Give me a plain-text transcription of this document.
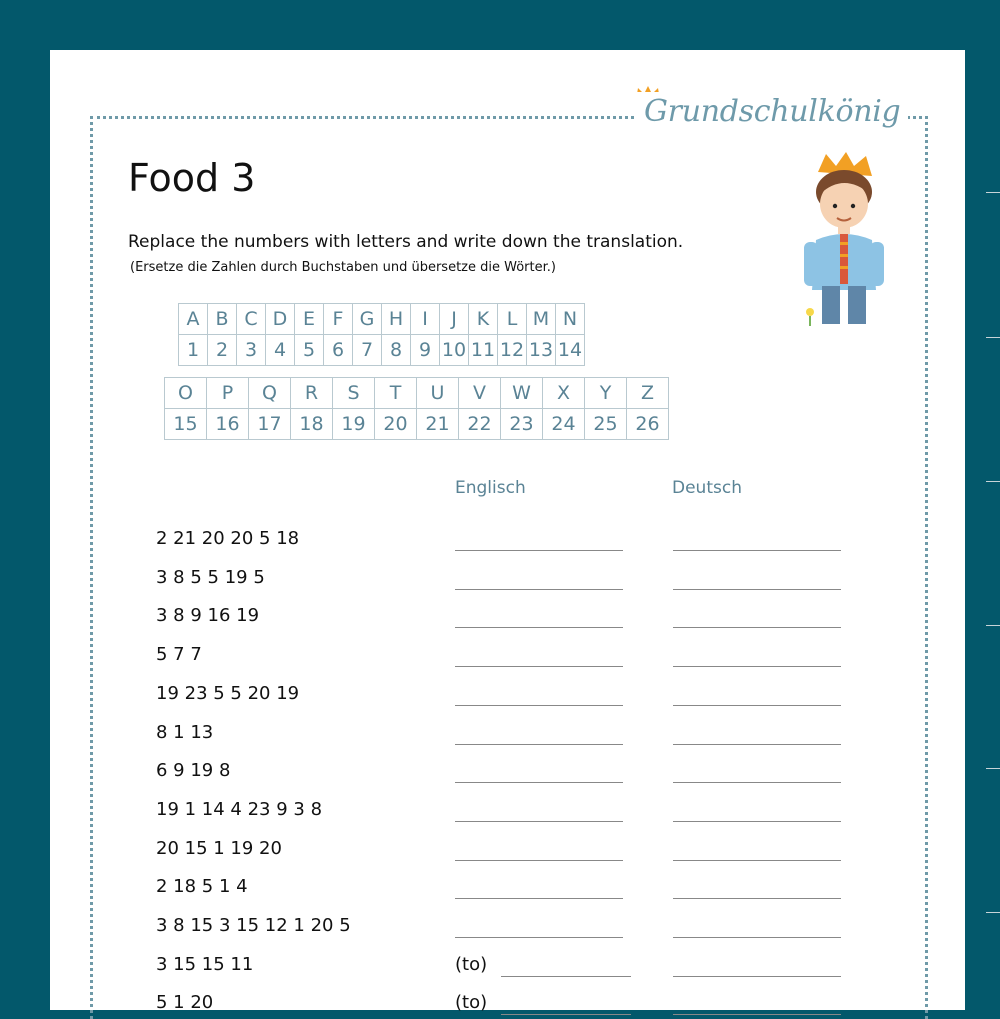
Grundschulkönig
Food 3
Replace the numbers with letters and write down the translation.
(Ersetze die Zahlen durch Buchstaben und übersetze die Wörter.)
A	B	C	D	E	F	G	H	I	J	K	L	M	N
1	2	3	4	5	6	7	8	9	10	11	12	13	14
O	P	Q	R	S	T	U	V	W	X	Y	Z
15	16	17	18	19	20	21	22	23	24	25	26
Englisch	Deutsch
2 21 20 20 5 18
3 8 5 5 19 5
3 8 9 16 19
5 7 7
19 23 5 5 20 19
8 1 13
6 9 19 8
19 1 14 4 23 9 3 8
20 15 1 19 20
2 18 5 1 4
3 8 15 3 15 12 1 20 5
3 15 15 11	(to)
5 1 20	(to)
